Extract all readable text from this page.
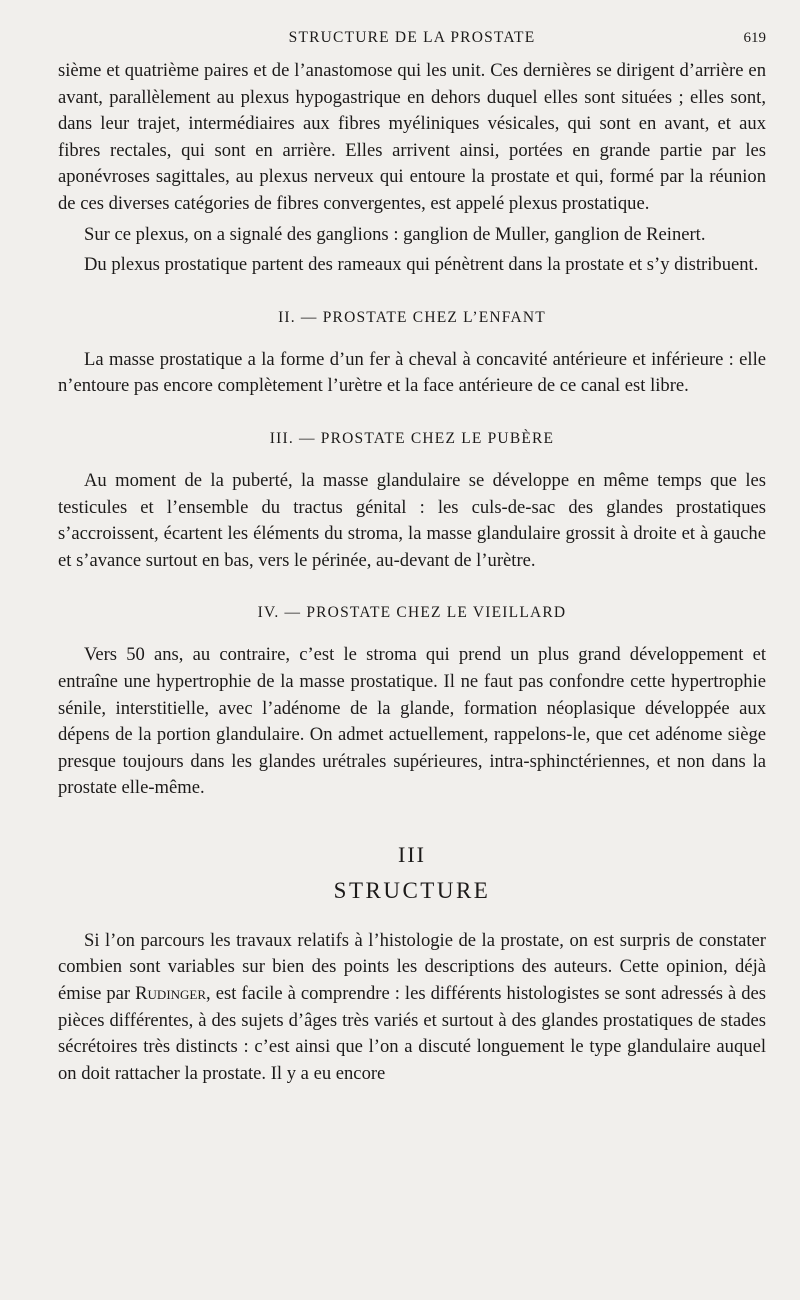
STRUCTURE DE LA PROSTATE	619

sième et quatrième paires et de l’anastomose qui les unit. Ces dernières se dirigent d’arrière en avant, parallèlement au plexus hypogastrique en dehors duquel elles sont situées ; elles sont, dans leur trajet, intermédiaires aux fibres myéliniques vésicales, qui sont en avant, et aux fibres rectales, qui sont en arrière. Elles arrivent ainsi, portées en grande partie par les aponévroses sagittales, au plexus nerveux qui entoure la prostate et qui, formé par la réunion de ces diverses catégories de fibres convergentes, est appelé plexus prostatique.

Sur ce plexus, on a signalé des ganglions : ganglion de Muller, ganglion de Reinert.

Du plexus prostatique partent des rameaux qui pénètrent dans la prostate et s’y distribuent.

II. — PROSTATE CHEZ L’ENFANT

La masse prostatique a la forme d’un fer à cheval à concavité antérieure et inférieure : elle n’entoure pas encore complètement l’urètre et la face antérieure de ce canal est libre.

III. — PROSTATE CHEZ LE PUBÈRE

Au moment de la puberté, la masse glandulaire se développe en même temps que les testicules et l’ensemble du tractus génital : les culs-de-sac des glandes prostatiques s’accroissent, écartent les éléments du stroma, la masse glandulaire grossit à droite et à gauche et s’avance surtout en bas, vers le périnée, au-devant de l’urètre.

IV. — PROSTATE CHEZ LE VIEILLARD

Vers 50 ans, au contraire, c’est le stroma qui prend un plus grand développement et entraîne une hypertrophie de la masse prostatique. Il ne faut pas confondre cette hypertrophie sénile, interstitielle, avec l’adénome de la glande, formation néoplasique développée aux dépens de la portion glandulaire. On admet actuellement, rappelons-le, que cet adénome siège presque toujours dans les glandes urétrales supérieures, intra-sphinctériennes, et non dans la prostate elle-même.

III
STRUCTURE

Si l’on parcours les travaux relatifs à l’histologie de la prostate, on est surpris de constater combien sont variables sur bien des points les descriptions des auteurs. Cette opinion, déjà émise par Rudinger, est facile à comprendre : les différents histologistes se sont adressés à des pièces différentes, à des sujets d’âges très variés et surtout à des glandes prostatiques de stades sécrétoires très distincts : c’est ainsi que l’on a discuté longuement le type glandulaire auquel on doit rattacher la prostate. Il y a eu encore
